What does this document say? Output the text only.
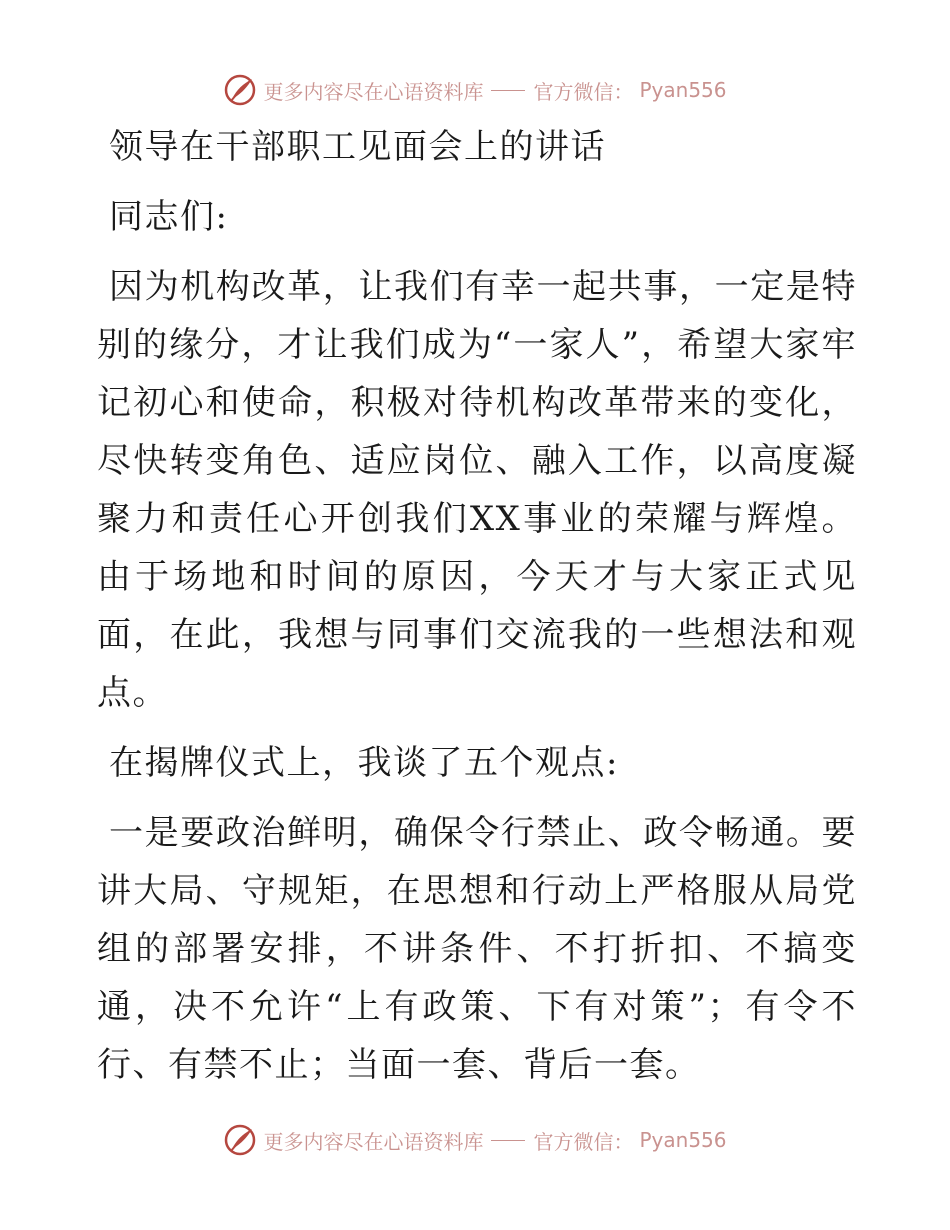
更多内容尽在心语资料库	官方微信： Pyan556

领导在干部职工见面会上的讲话

同志们:

因为机构改革，让我们有幸一起共事，一定是特别的缘分，才让我们成为“一家人”，希望大家牢记初心和使命，积极对待机构改革带来的变化，尽快转变角色、适应岗位、融入工作，以高度凝聚力和责任心开创我们XX事业的荣耀与辉煌。由于场地和时间的原因，今天才与大家正式见面，在此，我想与同事们交流我的一些想法和观点。

在揭牌仪式上，我谈了五个观点:

一是要政治鲜明，确保令行禁止、政令畅通。要讲大局、守规矩，在思想和行动上严格服从局党组的部署安排，不讲条件、不打折扣、不搞变通，决不允许“上有政策、下有对策”；有令不行、有禁不止；当面一套、背后一套。

更多内容尽在心语资料库	官方微信： Pyan556
